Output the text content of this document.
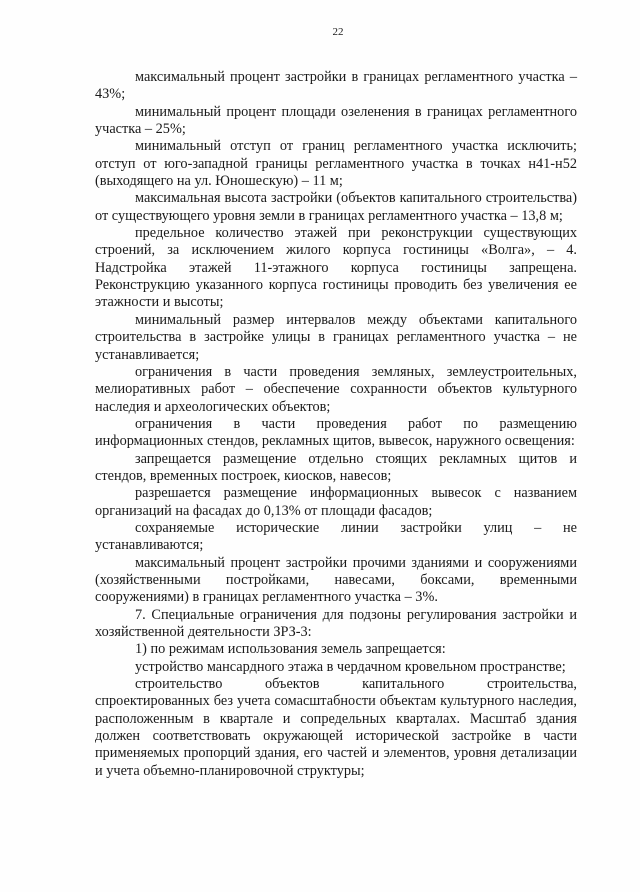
22

максимальный процент застройки в границах регламентного участка – 43%;

минимальный процент площади озеленения в границах регламентного участка – 25%;

минимальный отступ от границ регламентного участка исключить; отступ от юго-западной границы регламентного участка в точках н41-н52 (выходящего на ул. Юношескую) – 11 м;

максимальная высота застройки (объектов капитального строительства) от существующего уровня земли в границах регламентного участка – 13,8 м;

предельное количество этажей при реконструкции существующих строений, за исключением жилого корпуса гостиницы «Волга», – 4. Надстройка этажей 11-этажного корпуса гостиницы запрещена. Реконструкцию указанного корпуса гостиницы проводить без увеличения ее этажности и высоты;

минимальный размер интервалов между объектами капитального строительства в застройке улицы в границах регламентного участка – не устанавливается;

ограничения в части проведения земляных, землеустроительных, мелиоративных работ – обеспечение сохранности объектов культурного наследия и археологических объектов;

ограничения в части проведения работ по размещению информационных стендов, рекламных щитов, вывесок, наружного освещения:

запрещается размещение отдельно стоящих рекламных щитов и стендов, временных построек, киосков, навесов;

разрешается размещение информационных вывесок с названием организаций на фасадах до 0,13% от площади фасадов;

сохраняемые исторические линии застройки улиц – не устанавливаются;

максимальный процент застройки прочими зданиями и сооружениями (хозяйственными постройками, навесами, боксами, временными сооружениями) в границах регламентного участка – 3%.

7. Специальные ограничения для подзоны регулирования застройки и хозяйственной деятельности ЗРЗ-3:

1) по режимам использования земель запрещается:

устройство мансардного этажа в чердачном кровельном пространстве;

строительство объектов капитального строительства, спроектированных без учета сомасштабности объектам культурного наследия, расположенным в квартале и сопредельных кварталах. Масштаб здания должен соответствовать окружающей исторической застройке в части применяемых пропорций здания, его частей и элементов, уровня детализации и учета объемно-планировочной структуры;
